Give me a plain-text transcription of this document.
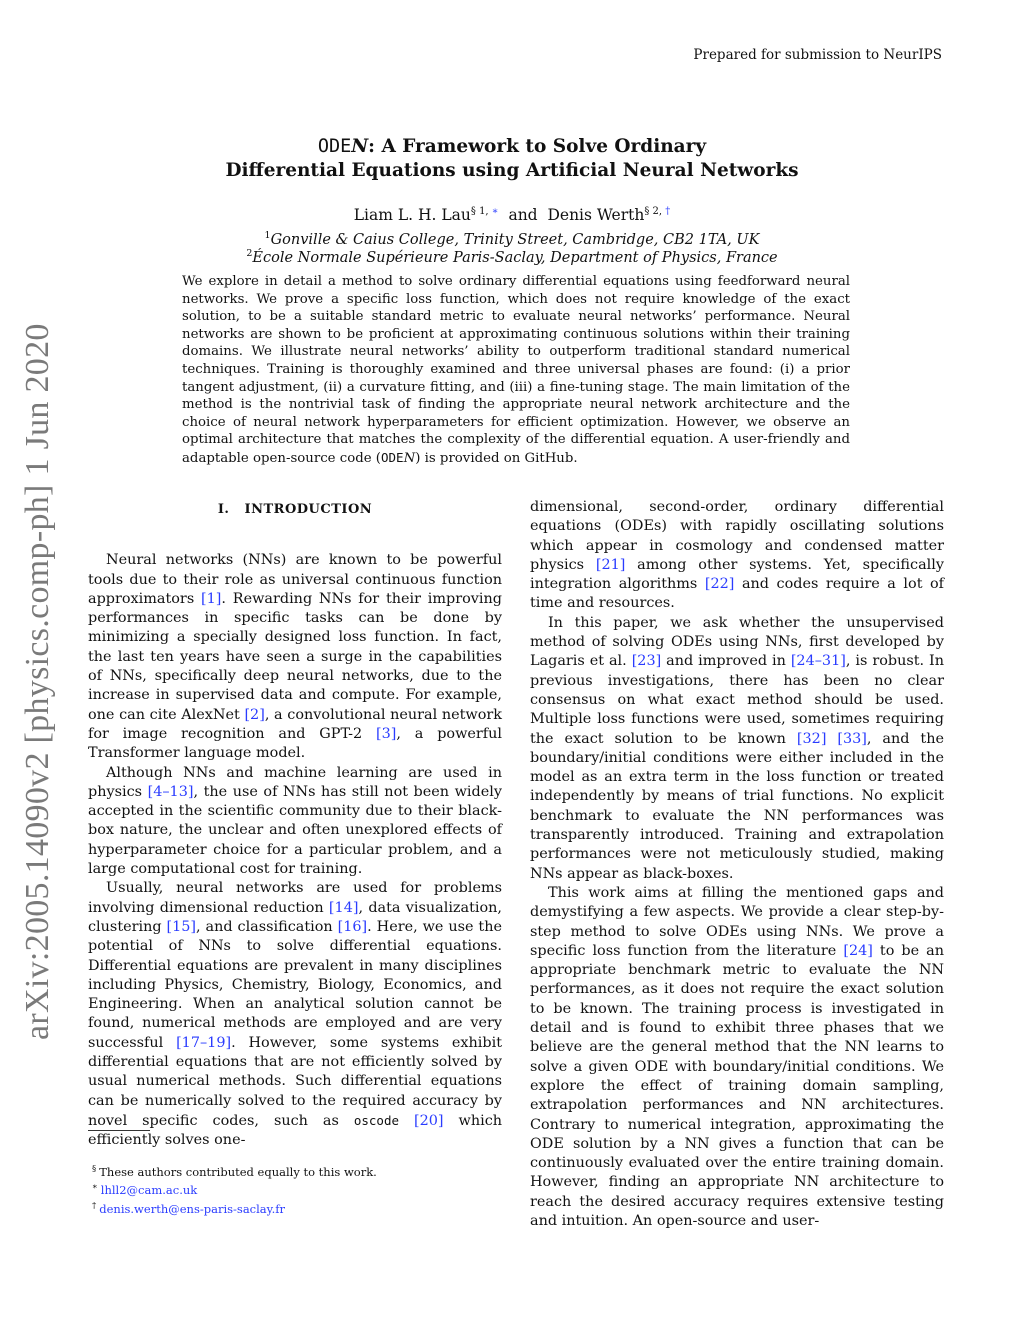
Prepared for submission to NeurIPS
arXiv:2005.14090v2 [physics.comp-ph] 1 Jun 2020
ODEN: A Framework to Solve Ordinary
Differential Equations using Artificial Neural Networks
Liam L. H. Lau$^{\S 1, ∗}$ and Denis Werth$^{\S 2, \dagger}$
$^1$Gonville & Caius College, Trinity Street, Cambridge, CB2 1TA, UK
$^2$École Normale Supérieure Paris-Saclay, Department of Physics, France
We explore in detail a method to solve ordinary differential equations using feedforward neural networks. We prove a specific loss function, which does not require knowledge of the exact solution, to be a suitable standard metric to evaluate neural networks’ performance. Neural networks are shown to be proficient at approximating continuous solutions within their training domains. We illustrate neural networks’ ability to outperform traditional standard numerical techniques. Training is thoroughly examined and three universal phases are found: (i) a prior tangent adjustment, (ii) a curvature fitting, and (iii) a fine-tuning stage. The main limitation of the method is the nontrivial task of finding the appropriate neural network architecture and the choice of neural network hyperparameters for efficient optimization. However, we observe an optimal architecture that matches the complexity of the differential equation. A user-friendly and adaptable open-source code (ODEN) is provided on GitHub.
I. INTRODUCTION

Neural networks (NNs) are known to be powerful tools due to their role as universal continuous function approximators [1]. Rewarding NNs for their improving performances in specific tasks can be done by minimizing a specially designed loss function. In fact, the last ten years have seen a surge in the capabilities of NNs, specifically deep neural networks, due to the increase in supervised data and compute. For example, one can cite AlexNet [2], a convolutional neural network for image recognition and GPT-2 [3], a powerful Transformer language model.

Although NNs and machine learning are used in physics [4–13], the use of NNs has still not been widely accepted in the scientific community due to their black-box nature, the unclear and often unexplored effects of hyperparameter choice for a particular problem, and a large computational cost for training.

Usually, neural networks are used for problems involving dimensional reduction [14], data visualization, clustering [15], and classification [16]. Here, we use the potential of NNs to solve differential equations. Differential equations are prevalent in many disciplines including Physics, Chemistry, Biology, Economics, and Engineering. When an analytical solution cannot be found, numerical methods are employed and are very successful [17–19]. However, some systems exhibit differential equations that are not efficiently solved by usual numerical methods. Such differential equations can be numerically solved to the required accuracy by novel specific codes, such as oscode [20] which efficiently solves one-

dimensional, second-order, ordinary differential equations (ODEs) with rapidly oscillating solutions which appear in cosmology and condensed matter physics [21] among other systems. Yet, specifically integration algorithms [22] and codes require a lot of time and resources.

In this paper, we ask whether the unsupervised method of solving ODEs using NNs, first developed by Lagaris et al. [23] and improved in [24–31], is robust. In previous investigations, there has been no clear consensus on what exact method should be used. Multiple loss functions were used, sometimes requiring the exact solution to be known [32] [33], and the boundary/initial conditions were either included in the model as an extra term in the loss function or treated independently by means of trial functions. No explicit benchmark to evaluate the NN performances was transparently introduced. Training and extrapolation performances were not meticulously studied, making NNs appear as black-boxes.

This work aims at filling the mentioned gaps and demystifying a few aspects. We provide a clear step-by-step method to solve ODEs using NNs. We prove a specific loss function from the literature [24] to be an appropriate benchmark metric to evaluate the NN performances, as it does not require the exact solution to be known. The training process is investigated in detail and is found to exhibit three phases that we believe are the general method that the NN learns to solve a given ODE with boundary/initial conditions. We explore the effect of training domain sampling, extrapolation performances and NN architectures. Contrary to numerical integration, approximating the ODE solution by a NN gives a function that can be continuously evaluated over the entire training domain. However, finding an appropriate NN architecture to reach the desired accuracy requires extensive testing and intuition. An open-source and user-

§ These authors contributed equally to this work.
∗ lhll2@cam.ac.uk
† denis.werth@ens-paris-saclay.fr
